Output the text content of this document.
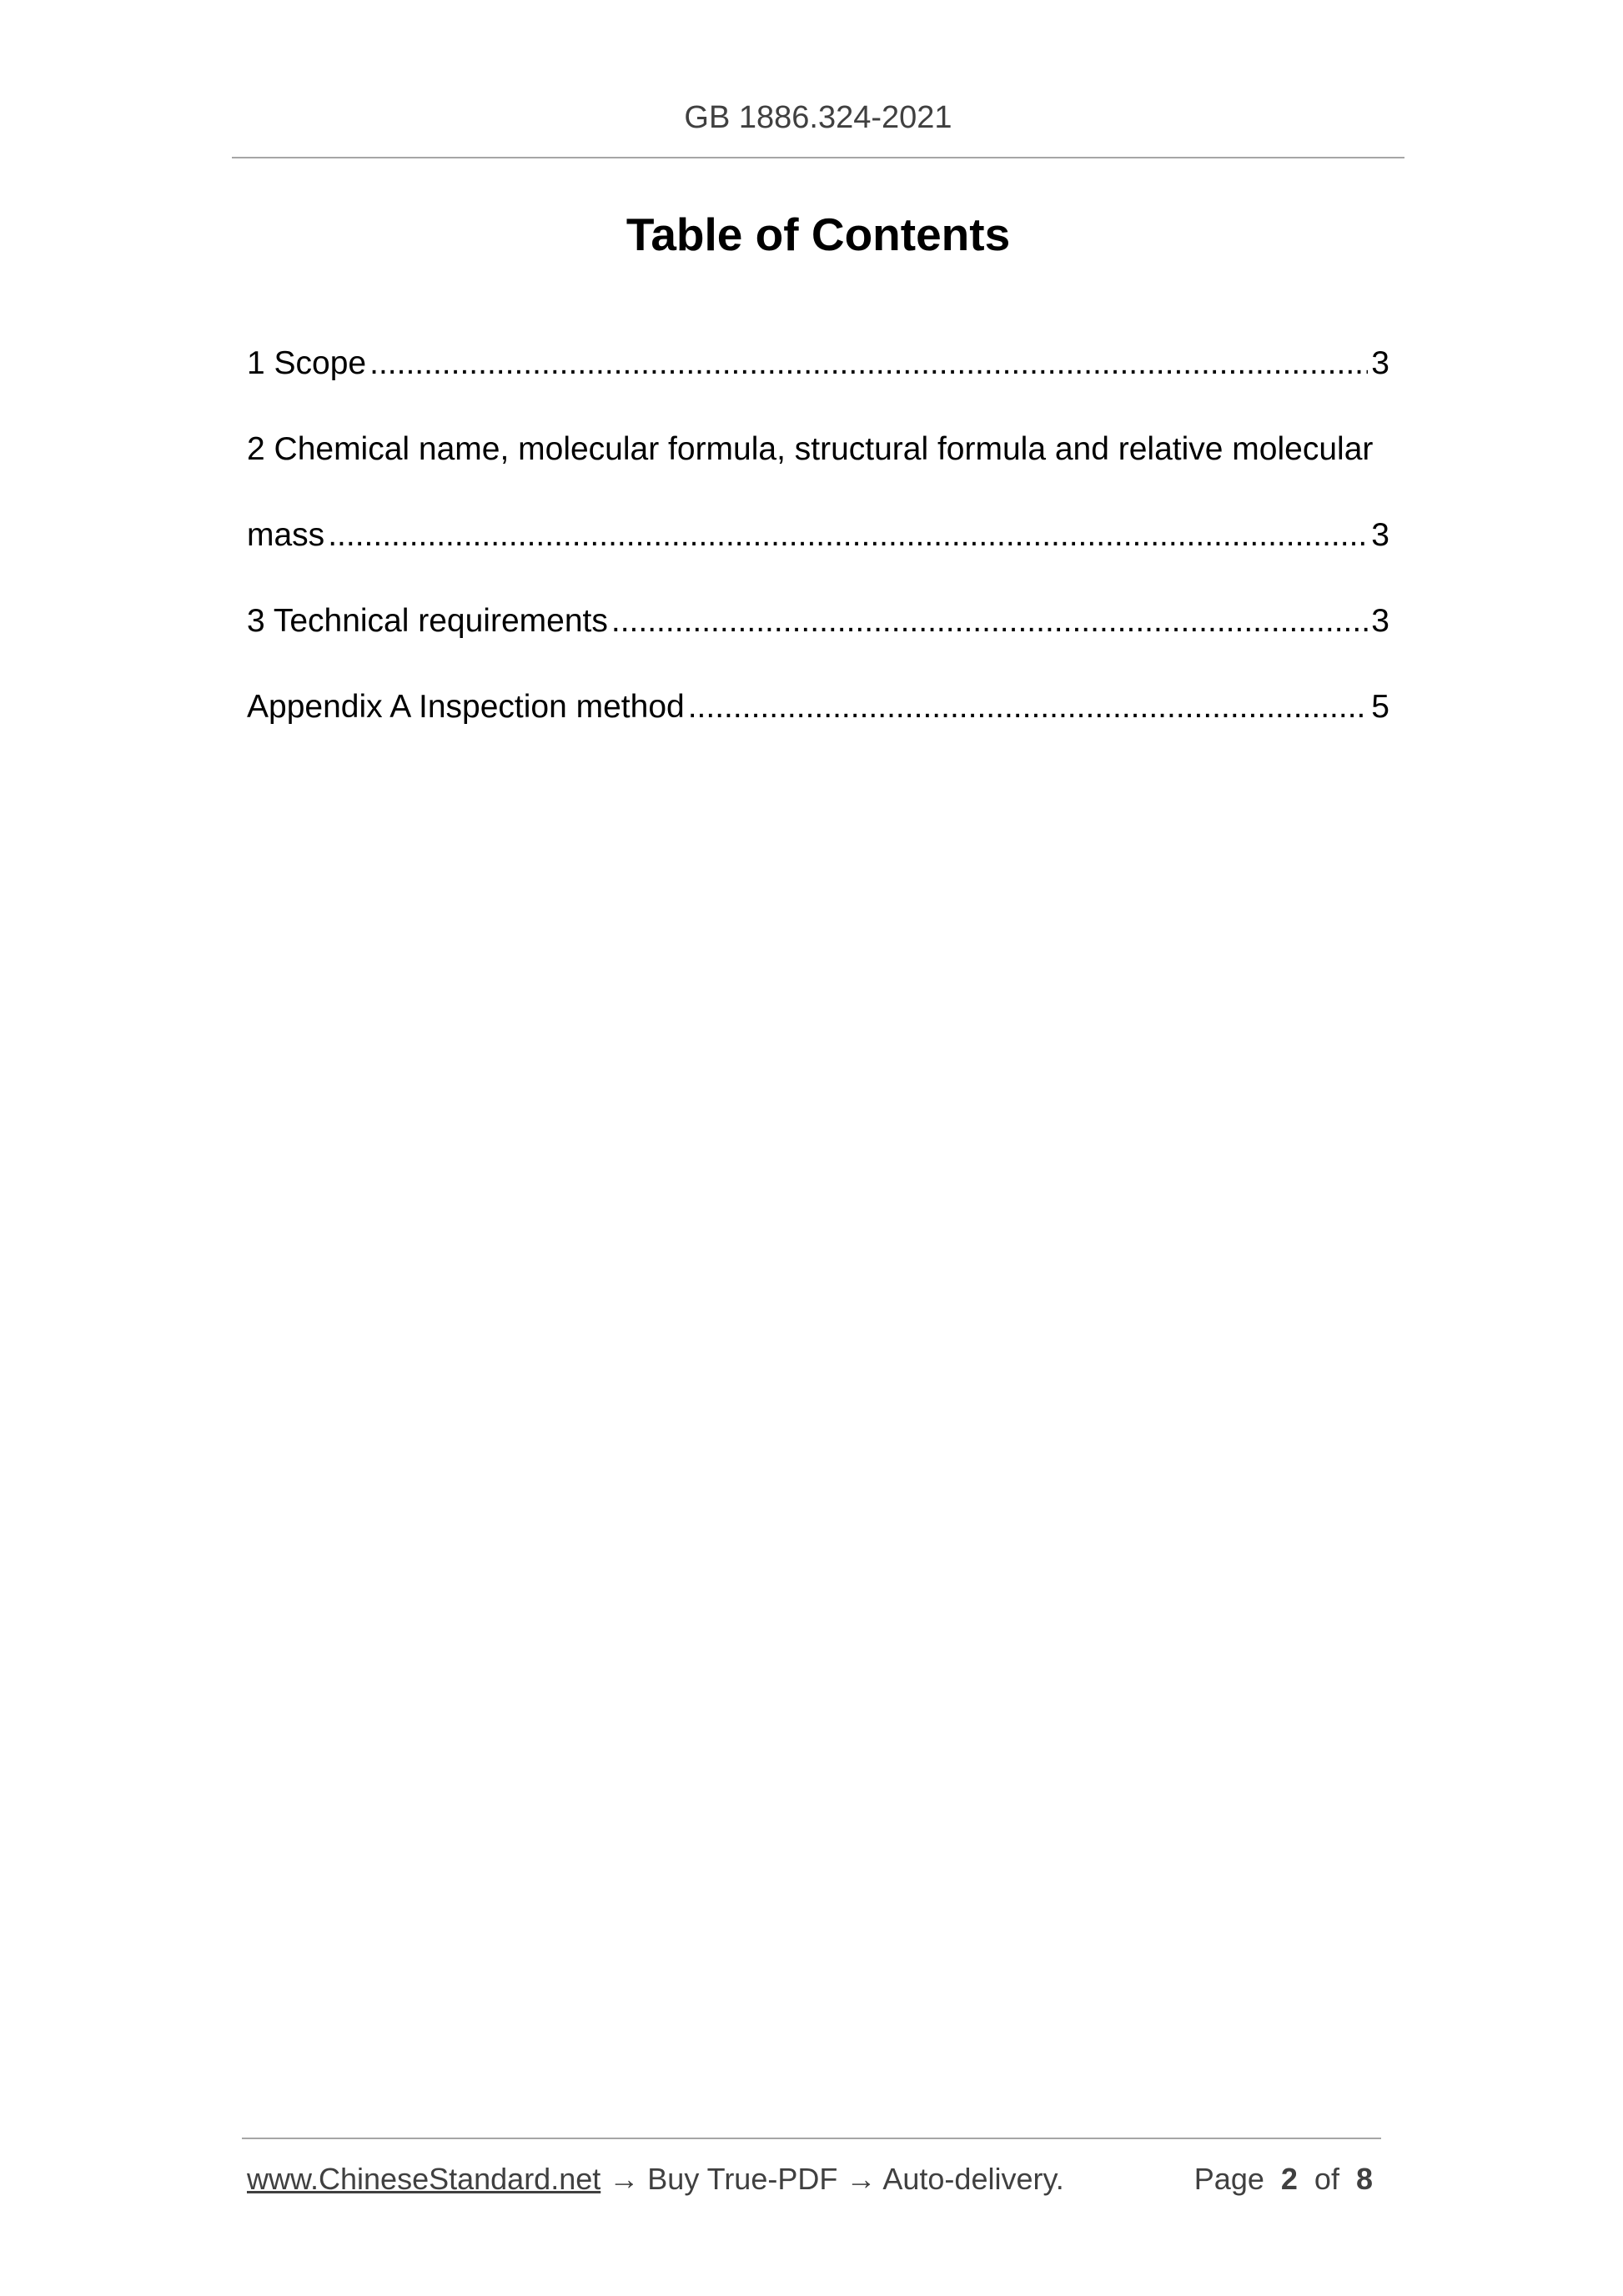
GB 1886.324-2021
Table of Contents
1 Scope .....	3
2 Chemical name, molecular formula, structural formula and relative molecular
mass .....	3
3 Technical requirements .....	3
Appendix A Inspection method .....	5
www.ChineseStandard.net → Buy True-PDF → Auto-delivery.	Page 2 of 8
